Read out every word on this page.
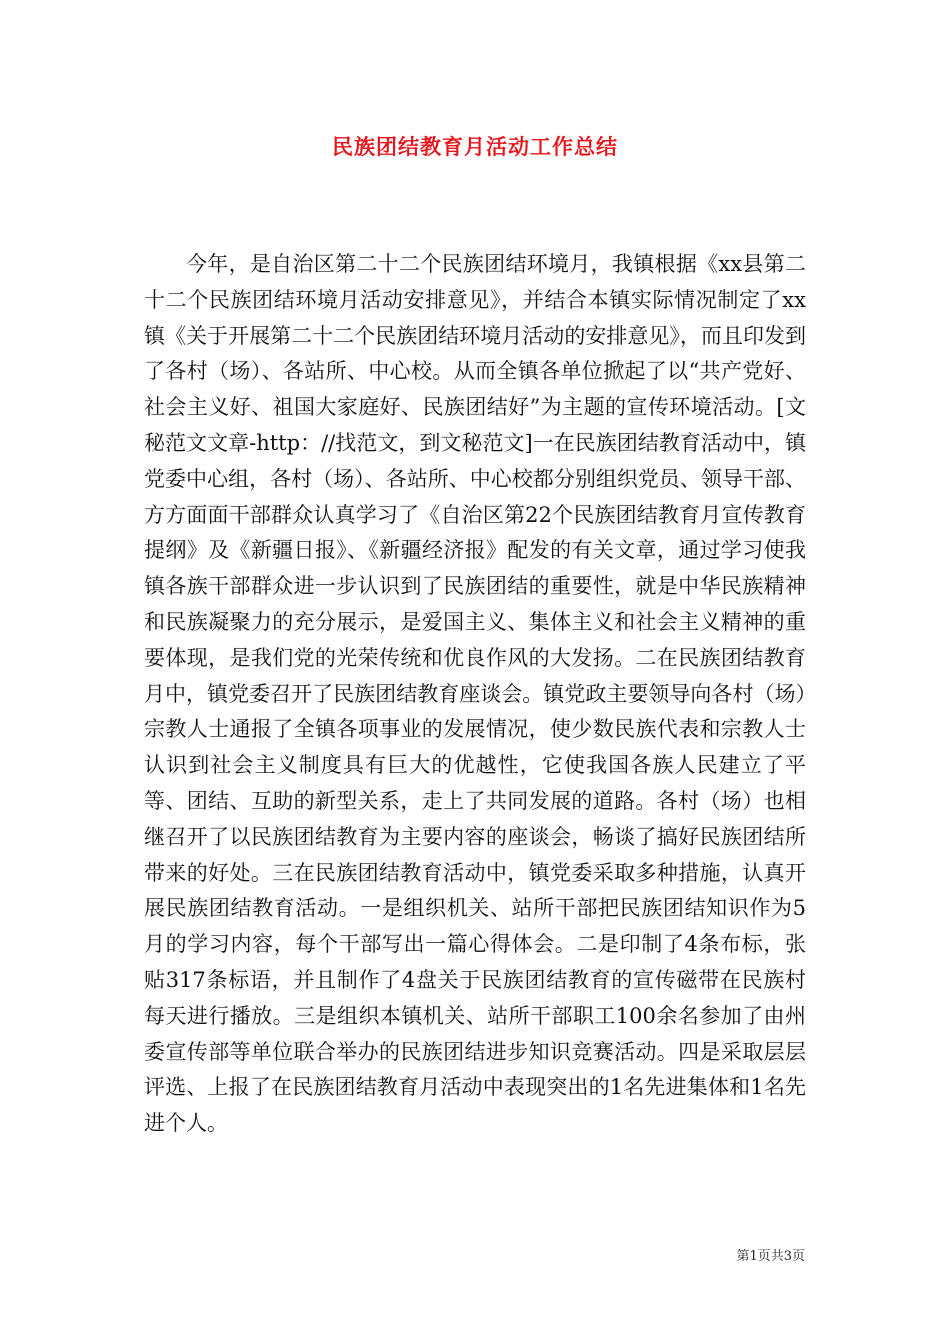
民族团结教育月活动工作总结

今年，是自治区第二十二个民族团结环境月，我镇根据《xx县第二十二个民族团结环境月活动安排意见》，并结合本镇实际情况制定了xx镇《关于开展第二十二个民族团结环境月活动的安排意见》，而且印发到了各村（场）、各站所、中心校。从而全镇各单位掀起了以“共产党好、社会主义好、祖国大家庭好、民族团结好”为主题的宣传环境活动。[文秘范文文章-http：//找范文，到文秘范文]一在民族团结教育活动中，镇党委中心组，各村（场）、各站所、中心校都分别组织党员、领导干部、方方面面干部群众认真学习了《自治区第22个民族团结教育月宣传教育提纲》及《新疆日报》、《新疆经济报》配发的有关文章，通过学习使我镇各族干部群众进一步认识到了民族团结的重要性，就是中华民族精神和民族凝聚力的充分展示，是爱国主义、集体主义和社会主义精神的重要体现，是我们党的光荣传统和优良作风的大发扬。二在民族团结教育月中，镇党委召开了民族团结教育座谈会。镇党政主要领导向各村（场）宗教人士通报了全镇各项事业的发展情况，使少数民族代表和宗教人士认识到社会主义制度具有巨大的优越性，它使我国各族人民建立了平等、团结、互助的新型关系，走上了共同发展的道路。各村（场）也相继召开了以民族团结教育为主要内容的座谈会，畅谈了搞好民族团结所带来的好处。三在民族团结教育活动中，镇党委采取多种措施，认真开展民族团结教育活动。一是组织机关、站所干部把民族团结知识作为5月的学习内容，每个干部写出一篇心得体会。二是印制了4条布标，张贴317条标语，并且制作了4盘关于民族团结教育的宣传磁带在民族村每天进行播放。三是组织本镇机关、站所干部职工100余名参加了由州委宣传部等单位联合举办的民族团结进步知识竞赛活动。四是采取层层评选、上报了在民族团结教育月活动中表现突出的1名先进集体和1名先进个人。

第1页共3页
